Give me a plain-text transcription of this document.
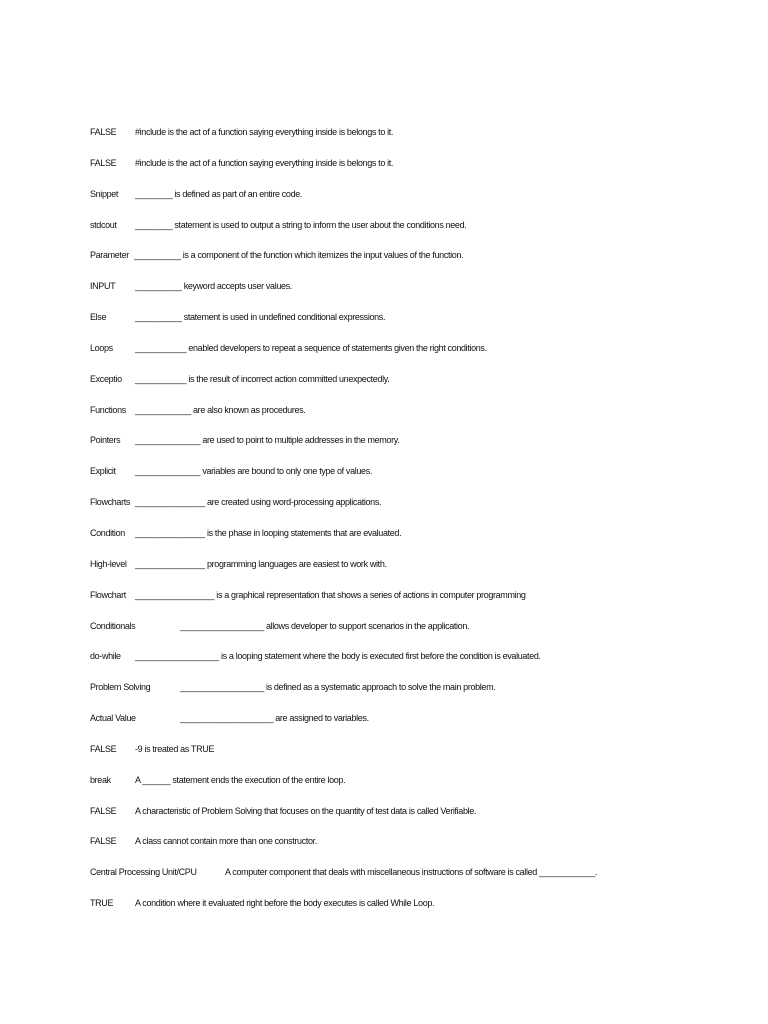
FALSE #include is the act of a function saying everything inside is belongs to it.
FALSE #include is the act of a function saying everything inside is belongs to it.
Snippet ________ is defined as part of an entire code.
stdcout ________ statement is used to output a string to inform the user about the conditions need.
Parameter __________ is a component of the function which itemizes the input values of the function.
INPUT __________ keyword accepts user values.
Else	__________ statement is used in undefined conditional expressions.
Loops ___________ enabled developers to repeat a sequence of statements given the right conditions.
Exceptio ___________ is the result of incorrect action committed unexpectedly.
Functions ____________ are also known as procedures.
Pointers ______________ are used to point to multiple addresses in the memory.
Explicit ______________ variables are bound to only one type of values.
Flowcharts _______________ are created using word-processing applications.
Condition _______________ is the phase in looping statements that are evaluated.
High-level _______________ programming languages are easiest to work with.
Flowchart _________________ is a graphical representation that shows a series of actions in computer programming
Conditionals	__________________ allows developer to support scenarios in the application.
do-while __________________ is a looping statement where the body is executed first before the condition is evaluated.
Problem Solving	__________________ is defined as a systematic approach to solve the main problem.
Actual Value	____________________ are assigned to variables.
FALSE -9 is treated as TRUE
break	A ______ statement ends the execution of the entire loop.
FALSE A characteristic of Problem Solving that focuses on the quantity of test data is called Verifiable.
FALSE A class cannot contain more than one constructor.
Central Processing Unit/CPU	A computer component that deals with miscellaneous instructions of software is called ____________.
TRUE A condition where it evaluated right before the body executes is called While Loop.
